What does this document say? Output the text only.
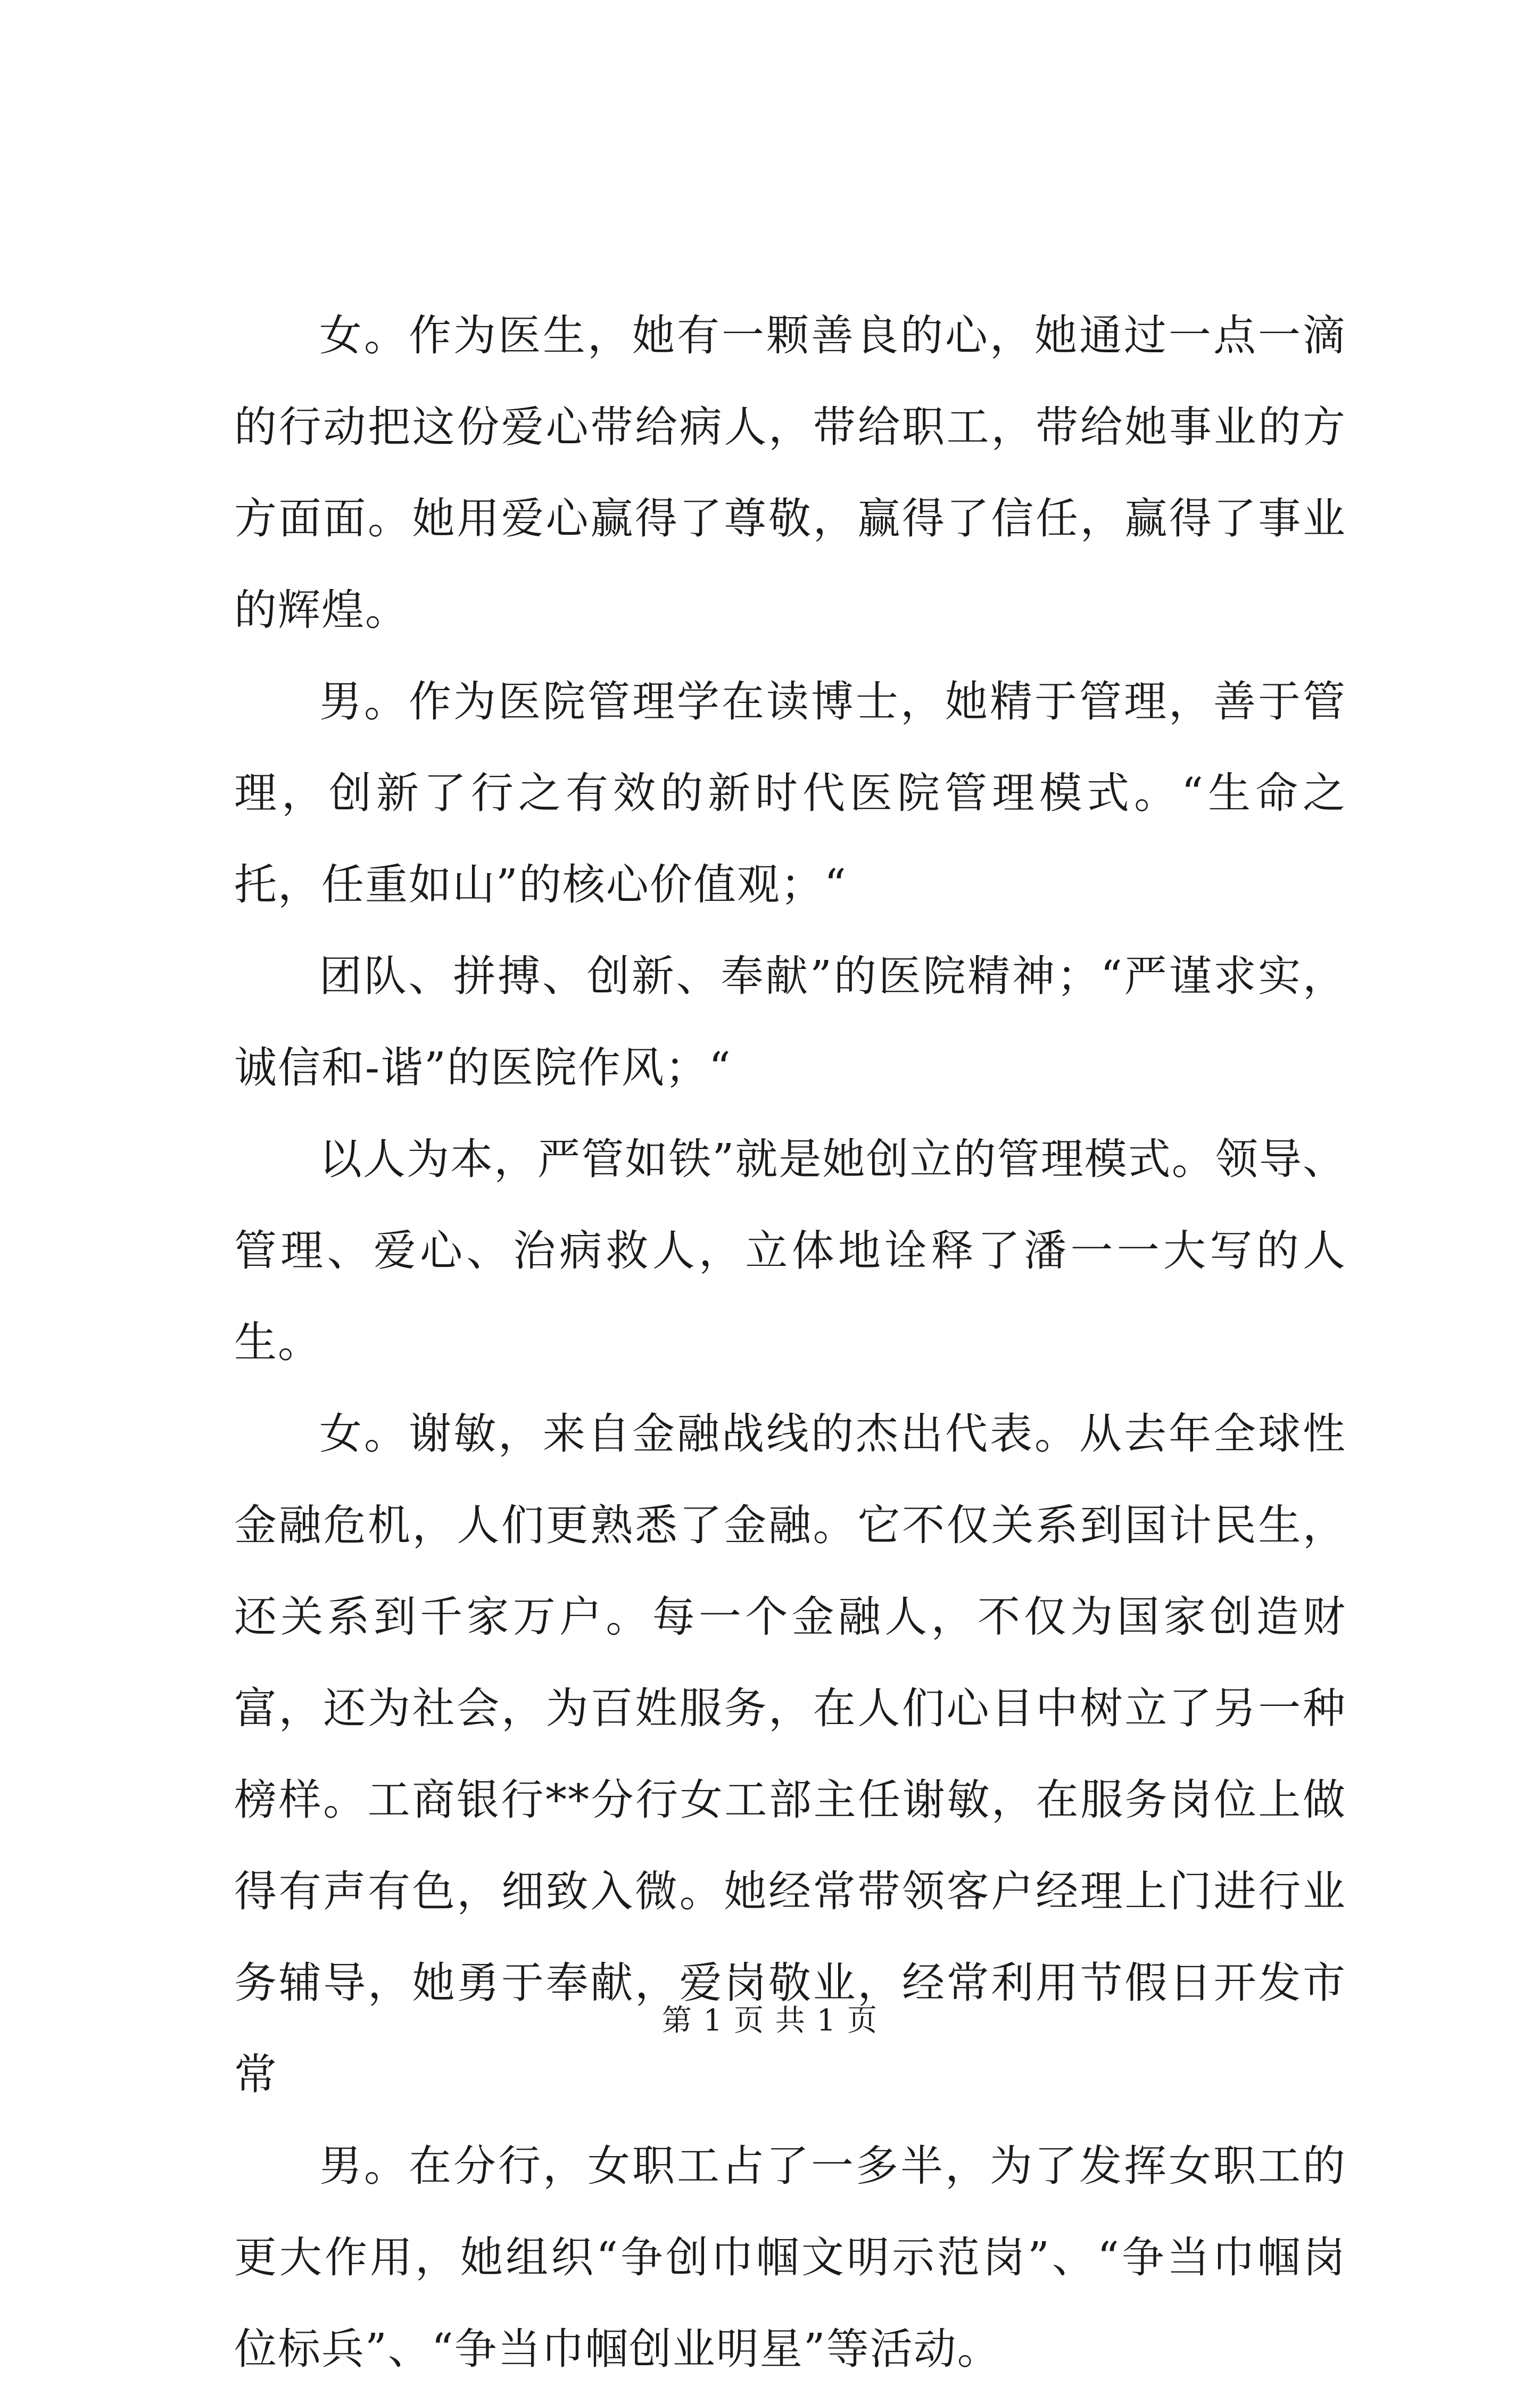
女。作为医生，她有一颗善良的心，她通过一点一滴的行动把这份爱心带给病人，带给职工，带给她事业的方方面面。她用爱心赢得了尊敬，赢得了信任，赢得了事业的辉煌。

男。作为医院管理学在读博士，她精于管理，善于管理，创新了行之有效的新时代医院管理模式。“生命之托，任重如山”的核心价值观；“

团队、拼搏、创新、奉献”的医院精神；“严谨求实，诚信和-谐”的医院作风；“

以人为本，严管如铁”就是她创立的管理模式。领导、管理、爱心、治病救人，立体地诠释了潘一一大写的人生。

女。谢敏，来自金融战线的杰出代表。从去年全球性金融危机，人们更熟悉了金融。它不仅关系到国计民生，还关系到千家万户。每一个金融人，不仅为国家创造财富，还为社会，为百姓服务，在人们心目中树立了另一种榜样。工商银行**分行女工部主任谢敏，在服务岗位上做得有声有色，细致入微。她经常带领客户经理上门进行业务辅导，她勇于奉献，爱岗敬业，经常利用节假日开发市常

男。在分行，女职工占了一多半，为了发挥女职工的更大作用，她组织“争创巾帼文明示范岗”、“争当巾帼岗位标兵”、“争当巾帼创业明星”等活动。

第 1 页 共 1 页
